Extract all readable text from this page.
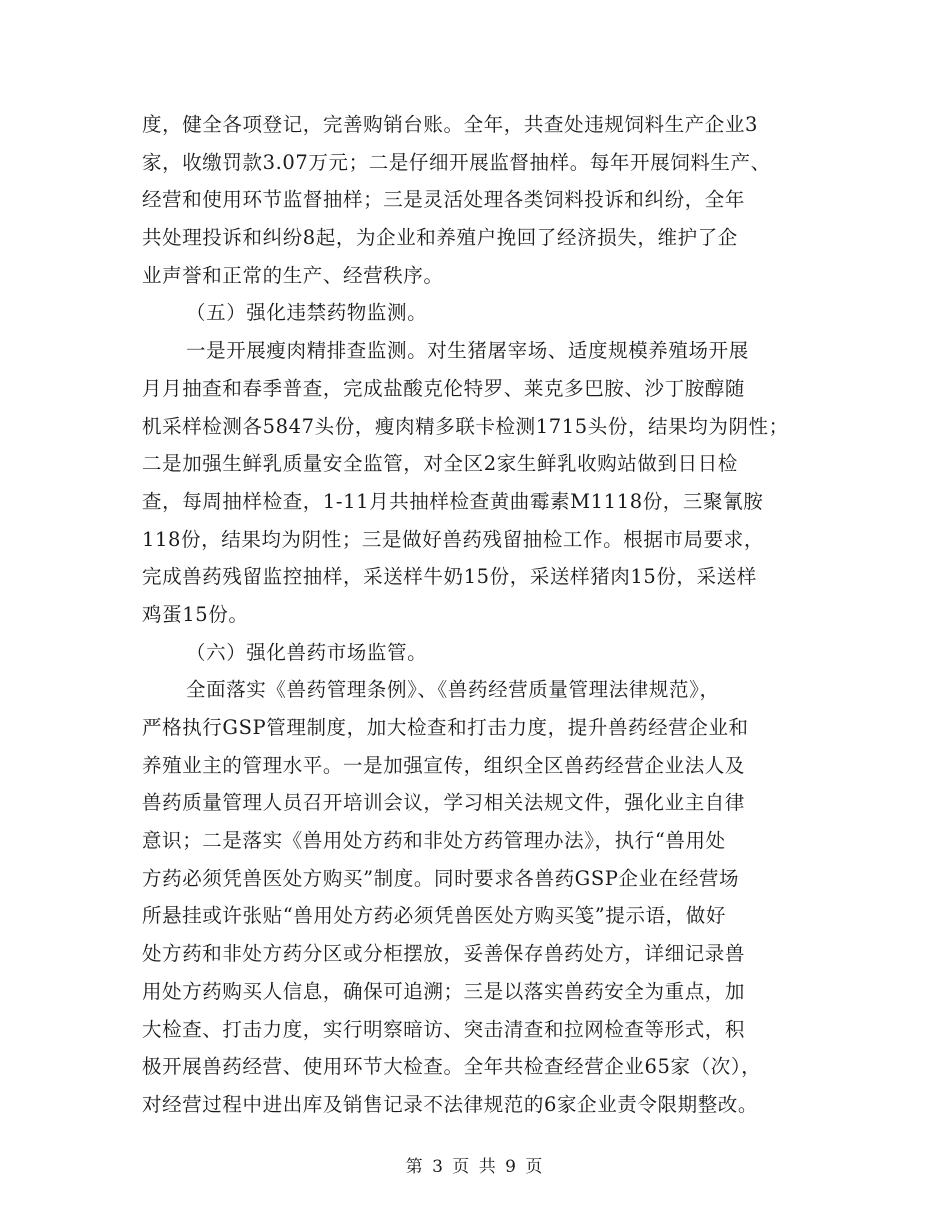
度，健全各项登记，完善购销台账。全年，共查处违规饲料生产企业3
家，收缴罚款3.07万元；二是仔细开展监督抽样。每年开展饲料生产、
经营和使用环节监督抽样；三是灵活处理各类饲料投诉和纠纷，全年
共处理投诉和纠纷8起，为企业和养殖户挽回了经济损失，维护了企
业声誉和正常的生产、经营秩序。
（五）强化违禁药物监测。
一是开展瘦肉精排查监测。对生猪屠宰场、适度规模养殖场开展
月月抽查和春季普查，完成盐酸克伦特罗、莱克多巴胺、沙丁胺醇随
机采样检测各5847头份，瘦肉精多联卡检测1715头份，结果均为阴性；
二是加强生鲜乳质量安全监管，对全区2家生鲜乳收购站做到日日检
查，每周抽样检查，1-11月共抽样检查黄曲霉素M1118份，三聚氰胺
118份，结果均为阴性；三是做好兽药残留抽检工作。根据市局要求，
完成兽药残留监控抽样，采送样牛奶15份，采送样猪肉15份，采送样
鸡蛋15份。
（六）强化兽药市场监管。
全面落实《兽药管理条例》、《兽药经营质量管理法律规范》，
严格执行GSP管理制度，加大检查和打击力度，提升兽药经营企业和
养殖业主的管理水平。一是加强宣传，组织全区兽药经营企业法人及
兽药质量管理人员召开培训会议，学习相关法规文件，强化业主自律
意识；二是落实《兽用处方药和非处方药管理办法》，执行“兽用处
方药必须凭兽医处方购买”制度。同时要求各兽药GSP企业在经营场
所悬挂或许张贴“兽用处方药必须凭兽医处方购买笺”提示语，做好
处方药和非处方药分区或分柜摆放，妥善保存兽药处方，详细记录兽
用处方药购买人信息，确保可追溯；三是以落实兽药安全为重点，加
大检查、打击力度，实行明察暗访、突击清查和拉网检查等形式，积
极开展兽药经营、使用环节大检查。全年共检查经营企业65家（次），
对经营过程中进出库及销售记录不法律规范的6家企业责令限期整改。
第 3 页 共 9 页
